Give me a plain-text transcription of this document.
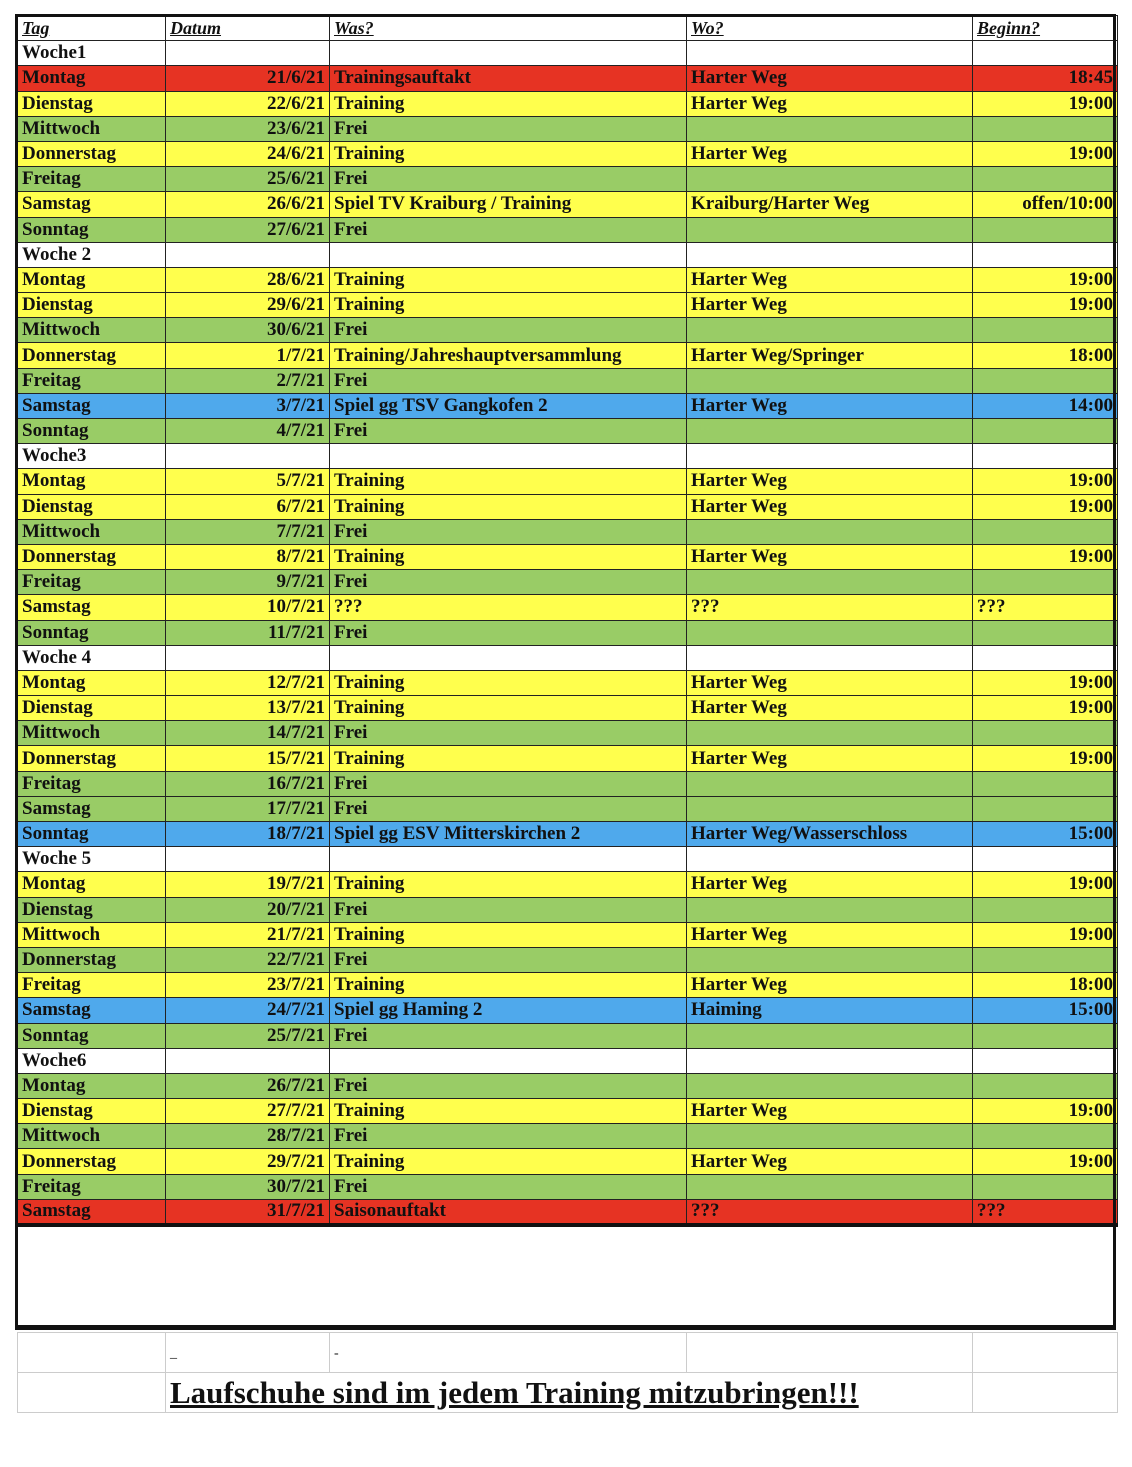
Tag	Datum	Was?	Wo?	Beginn?
Woche1				
Montag	21/6/21	Trainingsauftakt	Harter Weg	18:45
Dienstag	22/6/21	Training	Harter Weg	19:00
Mittwoch	23/6/21	Frei		
Donnerstag	24/6/21	Training	Harter Weg	19:00
Freitag	25/6/21	Frei		
Samstag	26/6/21	Spiel TV Kraiburg / Training	Kraiburg/Harter Weg	offen/10:00
Sonntag	27/6/21	Frei		
Woche 2				
Montag	28/6/21	Training	Harter Weg	19:00
Dienstag	29/6/21	Training	Harter Weg	19:00
Mittwoch	30/6/21	Frei		
Donnerstag	1/7/21	Training/Jahreshauptversammlung	Harter Weg/Springer	18:00
Freitag	2/7/21	Frei		
Samstag	3/7/21	Spiel gg TSV Gangkofen 2	Harter Weg	14:00
Sonntag	4/7/21	Frei		
Woche3				
Montag	5/7/21	Training	Harter Weg	19:00
Dienstag	6/7/21	Training	Harter Weg	19:00
Mittwoch	7/7/21	Frei		
Donnerstag	8/7/21	Training	Harter Weg	19:00
Freitag	9/7/21	Frei		
Samstag	10/7/21	???	???	???
Sonntag	11/7/21	Frei		
Woche 4				
Montag	12/7/21	Training	Harter Weg	19:00
Dienstag	13/7/21	Training	Harter Weg	19:00
Mittwoch	14/7/21	Frei		
Donnerstag	15/7/21	Training	Harter Weg	19:00
Freitag	16/7/21	Frei		
Samstag	17/7/21	Frei		
Sonntag	18/7/21	Spiel gg ESV Mitterskirchen 2	Harter Weg/Wasserschloss	15:00
Woche 5				
Montag	19/7/21	Training	Harter Weg	19:00
Dienstag	20/7/21	Frei		
Mittwoch	21/7/21	Training	Harter Weg	19:00
Donnerstag	22/7/21	Frei		
Freitag	23/7/21	Training	Harter Weg	18:00
Samstag	24/7/21	Spiel gg Haming 2	Haiming	15:00
Sonntag	25/7/21	Frei		
Woche6				
Montag	26/7/21	Frei		
Dienstag	27/7/21	Training	Harter Weg	19:00
Mittwoch	28/7/21	Frei		
Donnerstag	29/7/21	Training	Harter Weg	19:00
Freitag	30/7/21	Frei		
Samstag	31/7/21	Saisonauftakt	???	???
	_	-		
	Laufschuhe sind im jedem Training mitzubringen!!!			
